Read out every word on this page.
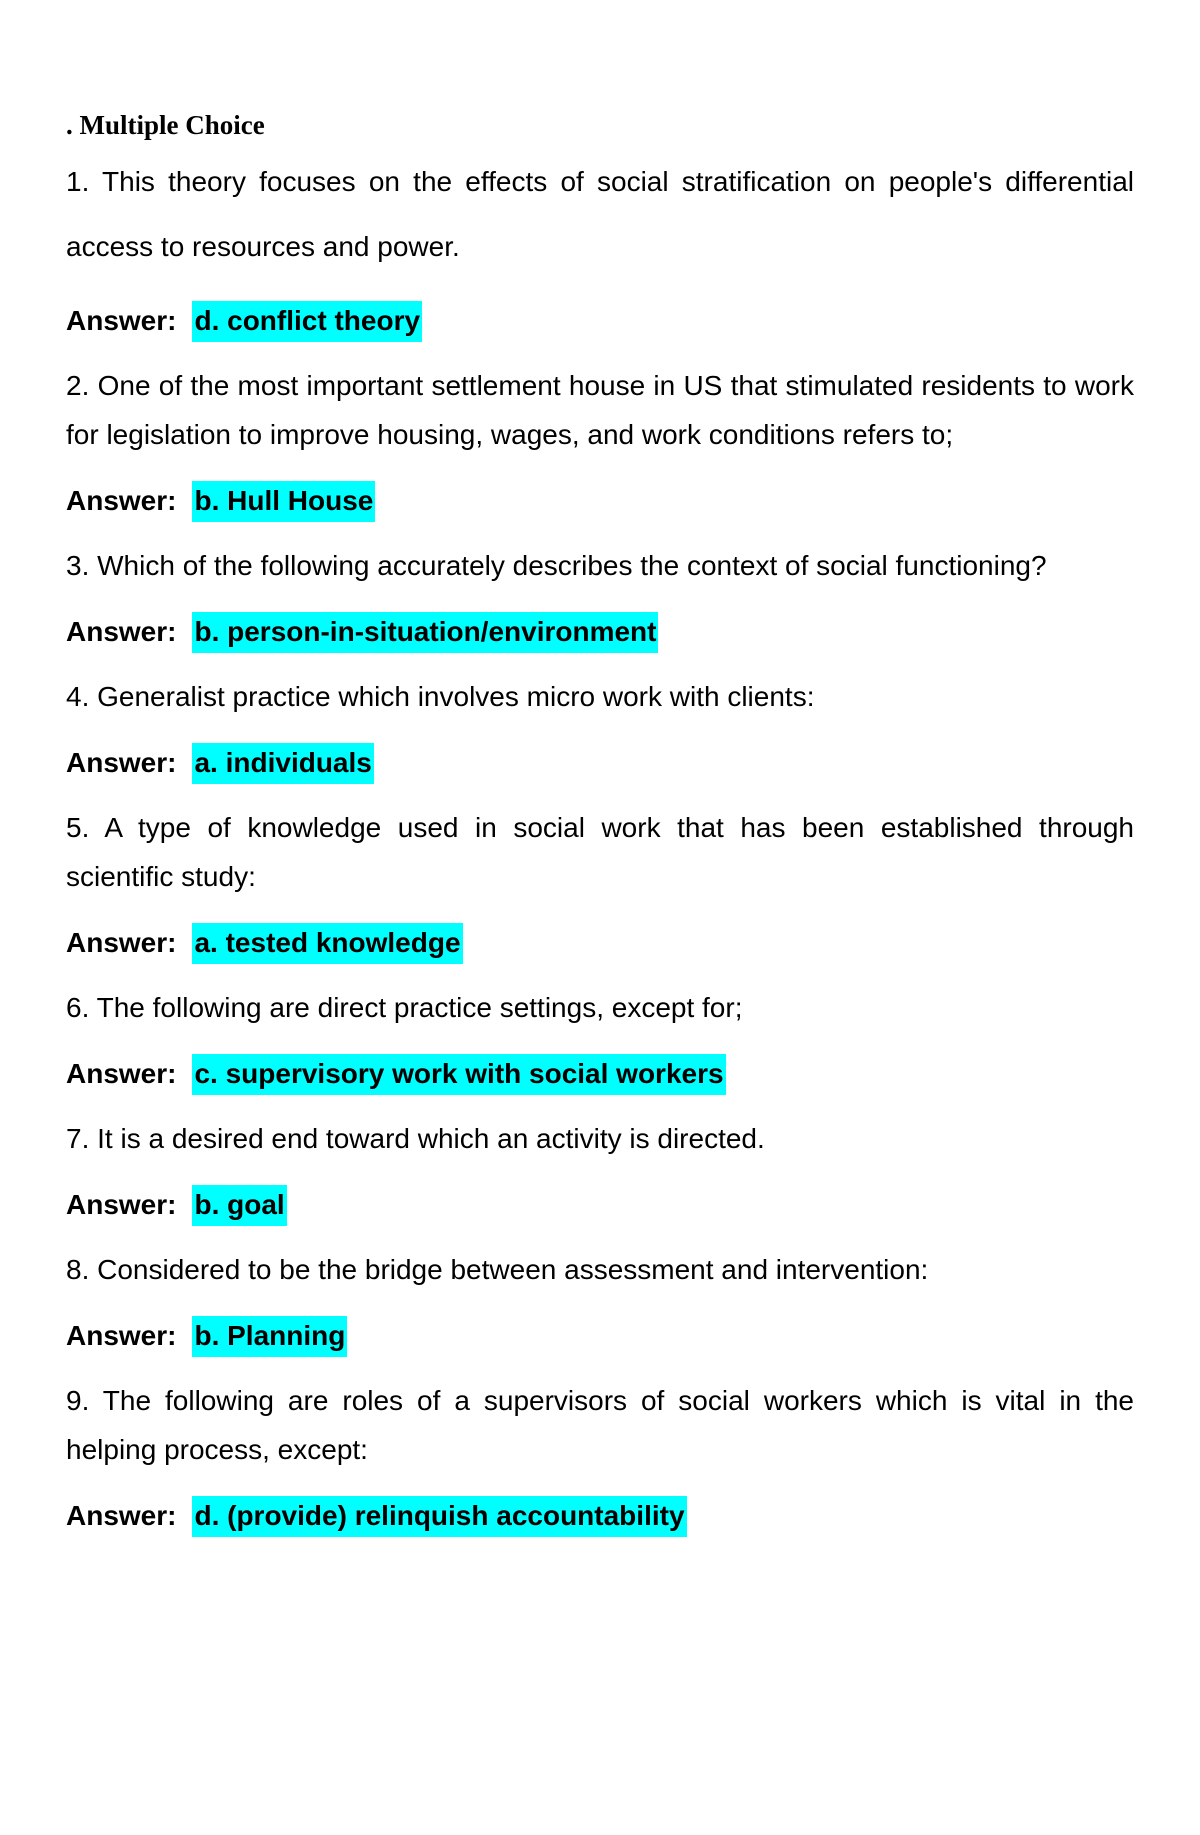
. Multiple Choice

1. This theory focuses on the effects of social stratification on people's differential access to resources and power.

Answer: d. conflict theory

2. One of the most important settlement house in US that stimulated residents to work for legislation to improve housing, wages, and work conditions refers to;

Answer: b. Hull House

3. Which of the following accurately describes the context of social functioning?

Answer: b. person-in-situation/environment

4. Generalist practice which involves micro work with clients:

Answer: a. individuals

5. A type of knowledge used in social work that has been established through scientific study:

Answer: a. tested knowledge

6. The following are direct practice settings, except for;

Answer: c. supervisory work with social workers

7. It is a desired end toward which an activity is directed.

Answer: b. goal

8. Considered to be the bridge between assessment and intervention:

Answer: b. Planning

9. The following are roles of a supervisors of social workers which is vital in the helping process, except:

Answer: d. (provide) relinquish accountability
